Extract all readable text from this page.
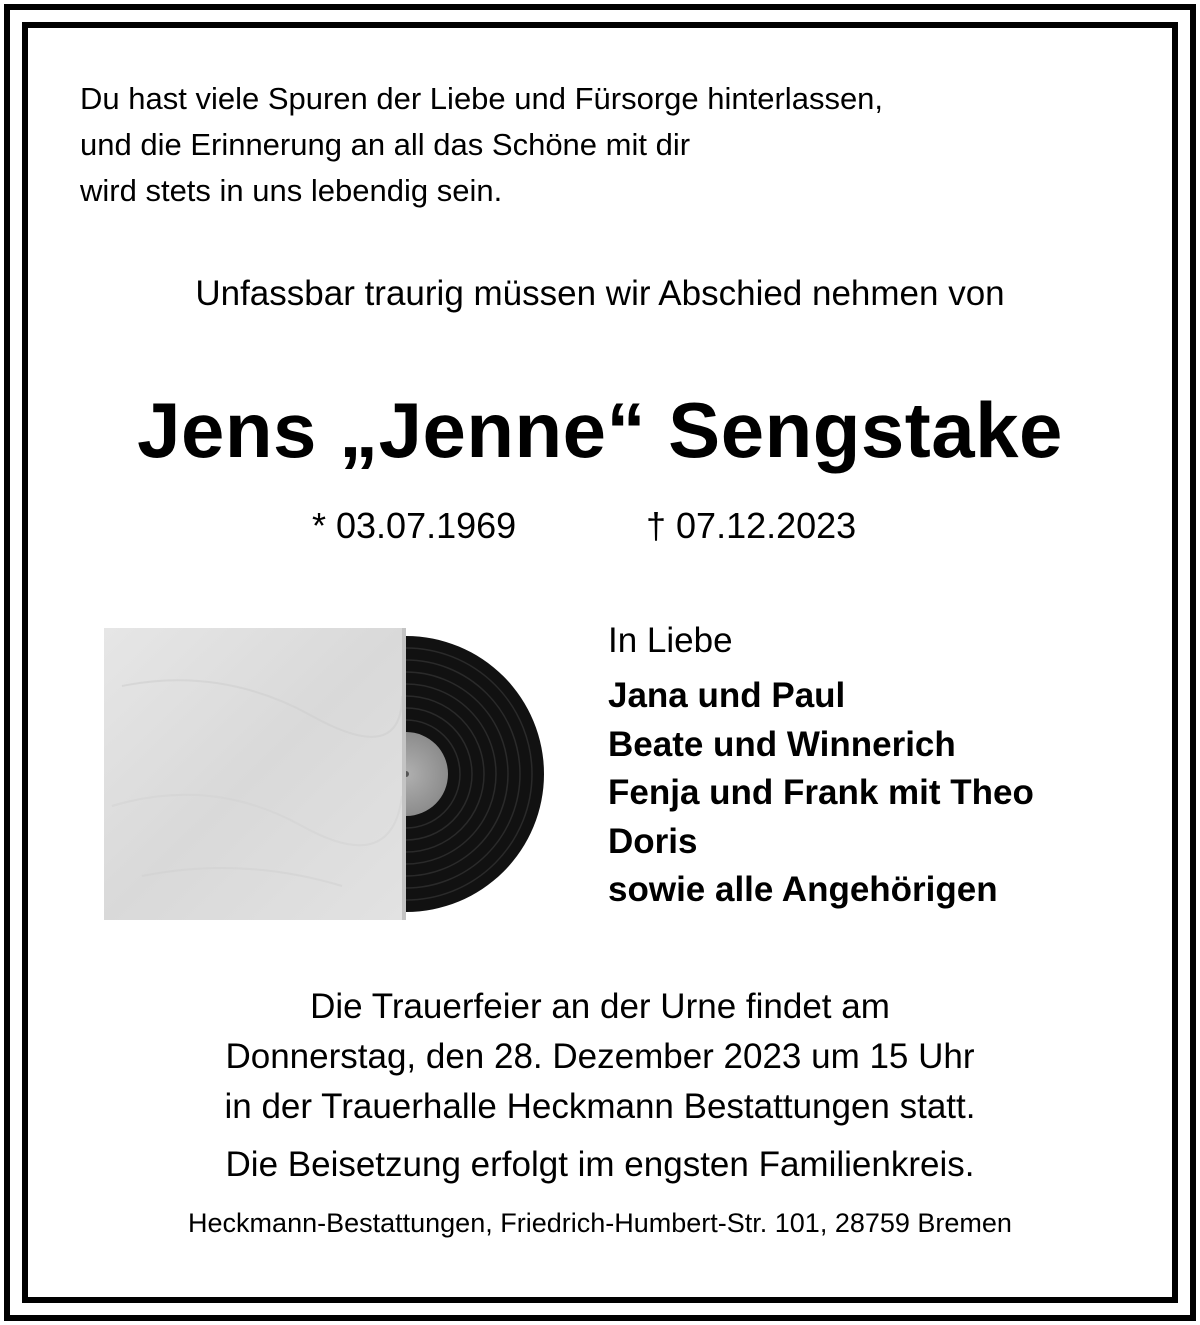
Du hast viele Spuren der Liebe und Fürsorge hinterlassen,
und die Erinnerung an all das Schöne mit dir
wird stets in uns lebendig sein.

Unfassbar traurig müssen wir Abschied nehmen von

Jens „Jenne“ Sengstake

* 03.07.1969	† 07.12.2023

In Liebe

Jana und Paul
Beate und Winnerich
Fenja und Frank mit Theo
Doris
sowie alle Angehörigen

Die Trauerfeier an der Urne findet am
Donnerstag, den 28. Dezember 2023 um 15 Uhr
in der Trauerhalle Heckmann Bestattungen statt.

Die Beisetzung erfolgt im engsten Familienkreis.

Heckmann-Bestattungen, Friedrich-Humbert-Str. 101, 28759 Bremen
